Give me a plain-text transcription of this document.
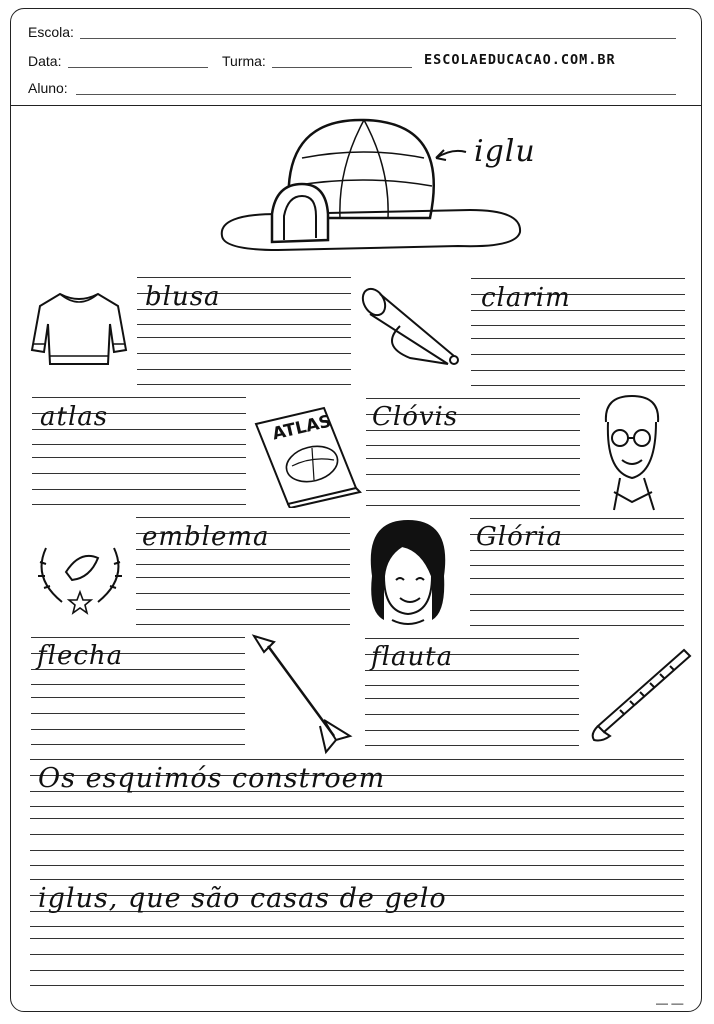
Escola:
Data:	Turma:	ESCOLAEDUCACAO.COM.BR
Aluno:
iglu
blusa	clarim
atlas	ATLAS Clóvis
emblema	Glória
flecha	flauta
Os esquimós constroem
iglus, que são casas de gelo
— —
